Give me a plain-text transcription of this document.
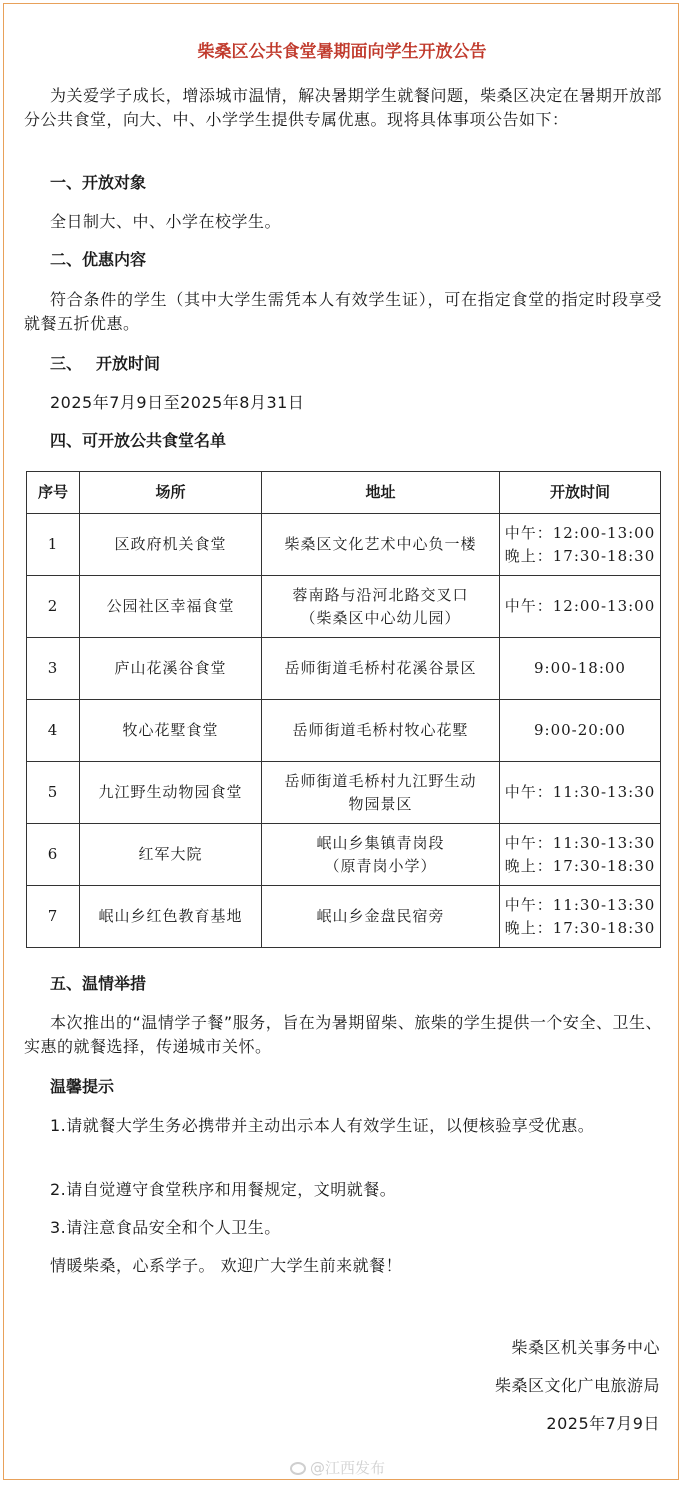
柴桑区公共食堂暑期面向学生开放公告

为关爱学子成长，增添城市温情，解决暑期学生就餐问题，柴桑区决定在暑期开放部分公共食堂，向大、中、小学学生提供专属优惠。现将具体事项公告如下：

一、开放对象

全日制大、中、小学在校学生。

二、优惠内容

符合条件的学生（其中大学生需凭本人有效学生证），可在指定食堂的指定时段享受就餐五折优惠。

三、 开放时间

2025年7月9日至2025年8月31日

四、可开放公共食堂名单

序号	场所	地址	开放时间
1	区政府机关食堂	柴桑区文化艺术中心负一楼	中午：12:00-13:00
晚上：17:30-18:30

2	公园社区幸福食堂	蓉南路与沿河北路交叉口
（柴桑区中心幼儿园）	中午：12:00-13:00

3	庐山花溪谷食堂	岳师街道毛桥村花溪谷景区	9:00-18:00

4	牧心花墅食堂	岳师街道毛桥村牧心花墅	9:00-20:00

5	九江野生动物园食堂	岳师街道毛桥村九江野生动
物园景区	中午：11:30-13:30

6	红军大院	岷山乡集镇青岗段
（原青岗小学）	中午：11:30-13:30
晚上：17:30-18:30

7	岷山乡红色教育基地	岷山乡金盘民宿旁	中午：11:30-13:30
晚上：17:30-18:30

五、温情举措

本次推出的“温情学子餐”服务，旨在为暑期留柴、旅柴的学生提供一个安全、卫生、实惠的就餐选择，传递城市关怀。

温馨提示

1.请就餐大学生务必携带并主动出示本人有效学生证，以便核验享受优惠。

2.请自觉遵守食堂秩序和用餐规定，文明就餐。

3.请注意食品安全和个人卫生。

情暖柴桑，心系学子。 欢迎广大学生前来就餐！

柴桑区机关事务中心

柴桑区文化广电旅游局

2025年7月9日

@江西发布
